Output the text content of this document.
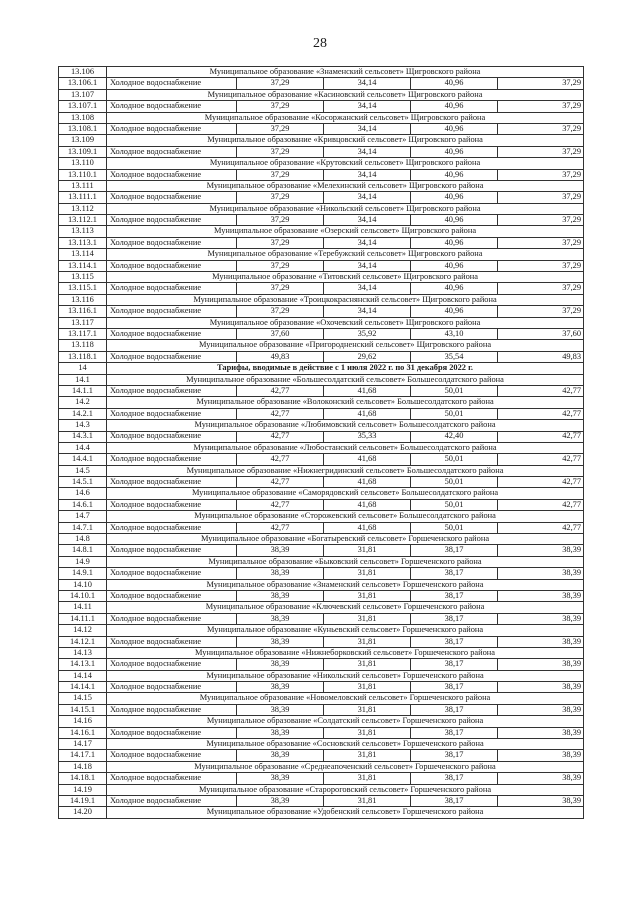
28
13.106	Муниципальное образование «Знаменский сельсовет» Щигровского района				
13.106.1	Холодное водоснабжение	37,29	34,14	40,96	37,29
13.107	Муниципальное образование «Касиновский сельсовет» Щигровского района				
13.107.1	Холодное водоснабжение	37,29	34,14	40,96	37,29
13.108	Муниципальное образование «Косоржанский сельсовет» Щигровского района				
13.108.1	Холодное водоснабжение	37,29	34,14	40,96	37,29
13.109	Муниципальное образование «Кривцовский сельсовет» Щигровского района				
13.109.1	Холодное водоснабжение	37,29	34,14	40,96	37,29
13.110	Муниципальное образование «Крутовский сельсовет» Щигровского района				
13.110.1	Холодное водоснабжение	37,29	34,14	40,96	37,29
13.111	Муниципальное образование «Мелехинский сельсовет» Щигровского района				
13.111.1	Холодное водоснабжение	37,29	34,14	40,96	37,29
13.112	Муниципальное образование «Никольский сельсовет» Щигровского района				
13.112.1	Холодное водоснабжение	37,29	34,14	40,96	37,29
13.113	Муниципальное образование «Озерский сельсовет» Щигровского района				
13.113.1	Холодное водоснабжение	37,29	34,14	40,96	37,29
13.114	Муниципальное образование «Теребужский сельсовет» Щигровского района				
13.114.1	Холодное водоснабжение	37,29	34,14	40,96	37,29
13.115	Муниципальное образование «Титовский сельсовет» Щигровского района				
13.115.1	Холодное водоснабжение	37,29	34,14	40,96	37,29
13.116	Муниципальное образование «Троицкокраснянский сельсовет» Щигровского района				
13.116.1	Холодное водоснабжение	37,29	34,14	40,96	37,29
13.117	Муниципальное образование «Охочевский сельсовет» Щигровского района				
13.117.1	Холодное водоснабжение	37,60	35,92	43,10	37,60
13.118	Муниципальное образование «Пригородненский сельсовет» Щигровского района				
13.118.1	Холодное водоснабжение	49,83	29,62	35,54	49,83
14	Тарифы, вводимые в действие с 1 июля 2022 г. по 31 декабря 2022 г.				
14.1	Муниципальное образование «Большесолдатский сельсовет» Большесолдатского района				
14.1.1	Холодное водоснабжение	42,77	41,68	50,01	42,77
14.2	Муниципальное образование «Волоконский сельсовет» Большесолдатского района				
14.2.1	Холодное водоснабжение	42,77	41,68	50,01	42,77
14.3	Муниципальное образование «Любимовский сельсовет» Большесолдатского района				
14.3.1	Холодное водоснабжение	42,77	35,33	42,40	42,77
14.4	Муниципальное образование «Любостанский сельсовет» Большесолдатского района				
14.4.1	Холодное водоснабжение	42,77	41,68	50,01	42,77
14.5	Муниципальное образование «Нижнегридинский сельсовет» Большесолдатского района				
14.5.1	Холодное водоснабжение	42,77	41,68	50,01	42,77
14.6	Муниципальное образование «Саморядовский сельсовет» Большесолдатского района				
14.6.1	Холодное водоснабжение	42,77	41,68	50,01	42,77
14.7	Муниципальное образование «Сторожевский сельсовет» Большесолдатского района				
14.7.1	Холодное водоснабжение	42,77	41,68	50,01	42,77
14.8	Муниципальное образование «Богатыревский сельсовет» Горшеченского района				
14.8.1	Холодное водоснабжение	38,39	31,81	38,17	38,39
14.9	Муниципальное образование «Быковский сельсовет» Горшеченского района				
14.9.1	Холодное водоснабжение	38,39	31,81	38,17	38,39
14.10	Муниципальное образование «Знаменский сельсовет» Горшеченского района				
14.10.1	Холодное водоснабжение	38,39	31,81	38,17	38,39
14.11	Муниципальное образование «Ключевский сельсовет» Горшеченского района				
14.11.1	Холодное водоснабжение	38,39	31,81	38,17	38,39
14.12	Муниципальное образование «Куньевский сельсовет» Горшеченского района				
14.12.1	Холодное водоснабжение	38,39	31,81	38,17	38,39
14.13	Муниципальное образование «Нижнеборковский сельсовет» Горшеченского района				
14.13.1	Холодное водоснабжение	38,39	31,81	38,17	38,39
14.14	Муниципальное образование «Никольский сельсовет» Горшеченского района				
14.14.1	Холодное водоснабжение	38,39	31,81	38,17	38,39
14.15	Муниципальное образование «Новомеловский сельсовет» Горшеченского района				
14.15.1	Холодное водоснабжение	38,39	31,81	38,17	38,39
14.16	Муниципальное образование «Солдатский сельсовет» Горшеченского района				
14.16.1	Холодное водоснабжение	38,39	31,81	38,17	38,39
14.17	Муниципальное образование «Сосновский сельсовет» Горшеченского района				
14.17.1	Холодное водоснабжение	38,39	31,81	38,17	38,39
14.18	Муниципальное образование «Среднеапоченский сельсовет» Горшеченского района				
14.18.1	Холодное водоснабжение	38,39	31,81	38,17	38,39
14.19	Муниципальное образование «Старороговский сельсовет» Горшеченского района				
14.19.1	Холодное водоснабжение	38,39	31,81	38,17	38,39
14.20	Муниципальное образование «Удобенский сельсовет» Горшеченского района				
